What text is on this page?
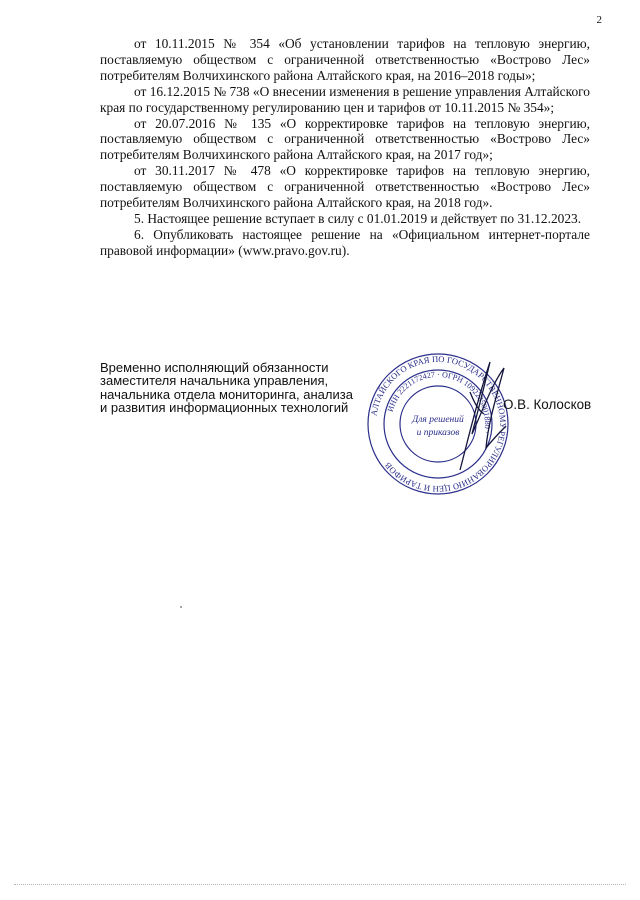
2

от 10.11.2015 № 354 «Об установлении тарифов на тепловую энергию, поставляемую обществом с ограниченной ответственностью «Вострово Лес» потребителям Волчихинского района Алтайского края, на 2016–2018 годы»;

от 16.12.2015 № 738 «О внесении изменения в решение управления Алтайского края по государственному регулированию цен и тарифов от 10.11.2015 № 354»;

от 20.07.2016 № 135 «О корректировке тарифов на тепловую энергию, поставляемую обществом с ограниченной ответственностью «Вострово Лес» потребителям Волчихинского района Алтайского края, на 2017 год»;

от 30.11.2017 № 478 «О корректировке тарифов на тепловую энергию, поставляемую обществом с ограниченной ответственностью «Вострово Лес» потребителям Волчихинского района Алтайского края, на 2018 год».

5. Настоящее решение вступает в силу с 01.01.2019 и действует по 31.12.2023.

6. Опубликовать настоящее решение на «Официальном интернет-портале правовой информации» (www.pravo.gov.ru).

Временно исполняющий обязанности
заместителя начальника управления,
начальника отдела мониторинга, анализа
и развития информационных технологий	АЛТАЙСКОГО КРАЯ ПО ГОСУДАРСТВЕННОМУ РЕГУЛИРОВАНИЮ ЦЕН И ТАРИФОВ
ИНН 2221172427 · ОГРН 1092225001880 ·
Для решений
и приказов
О.В. Колосков
